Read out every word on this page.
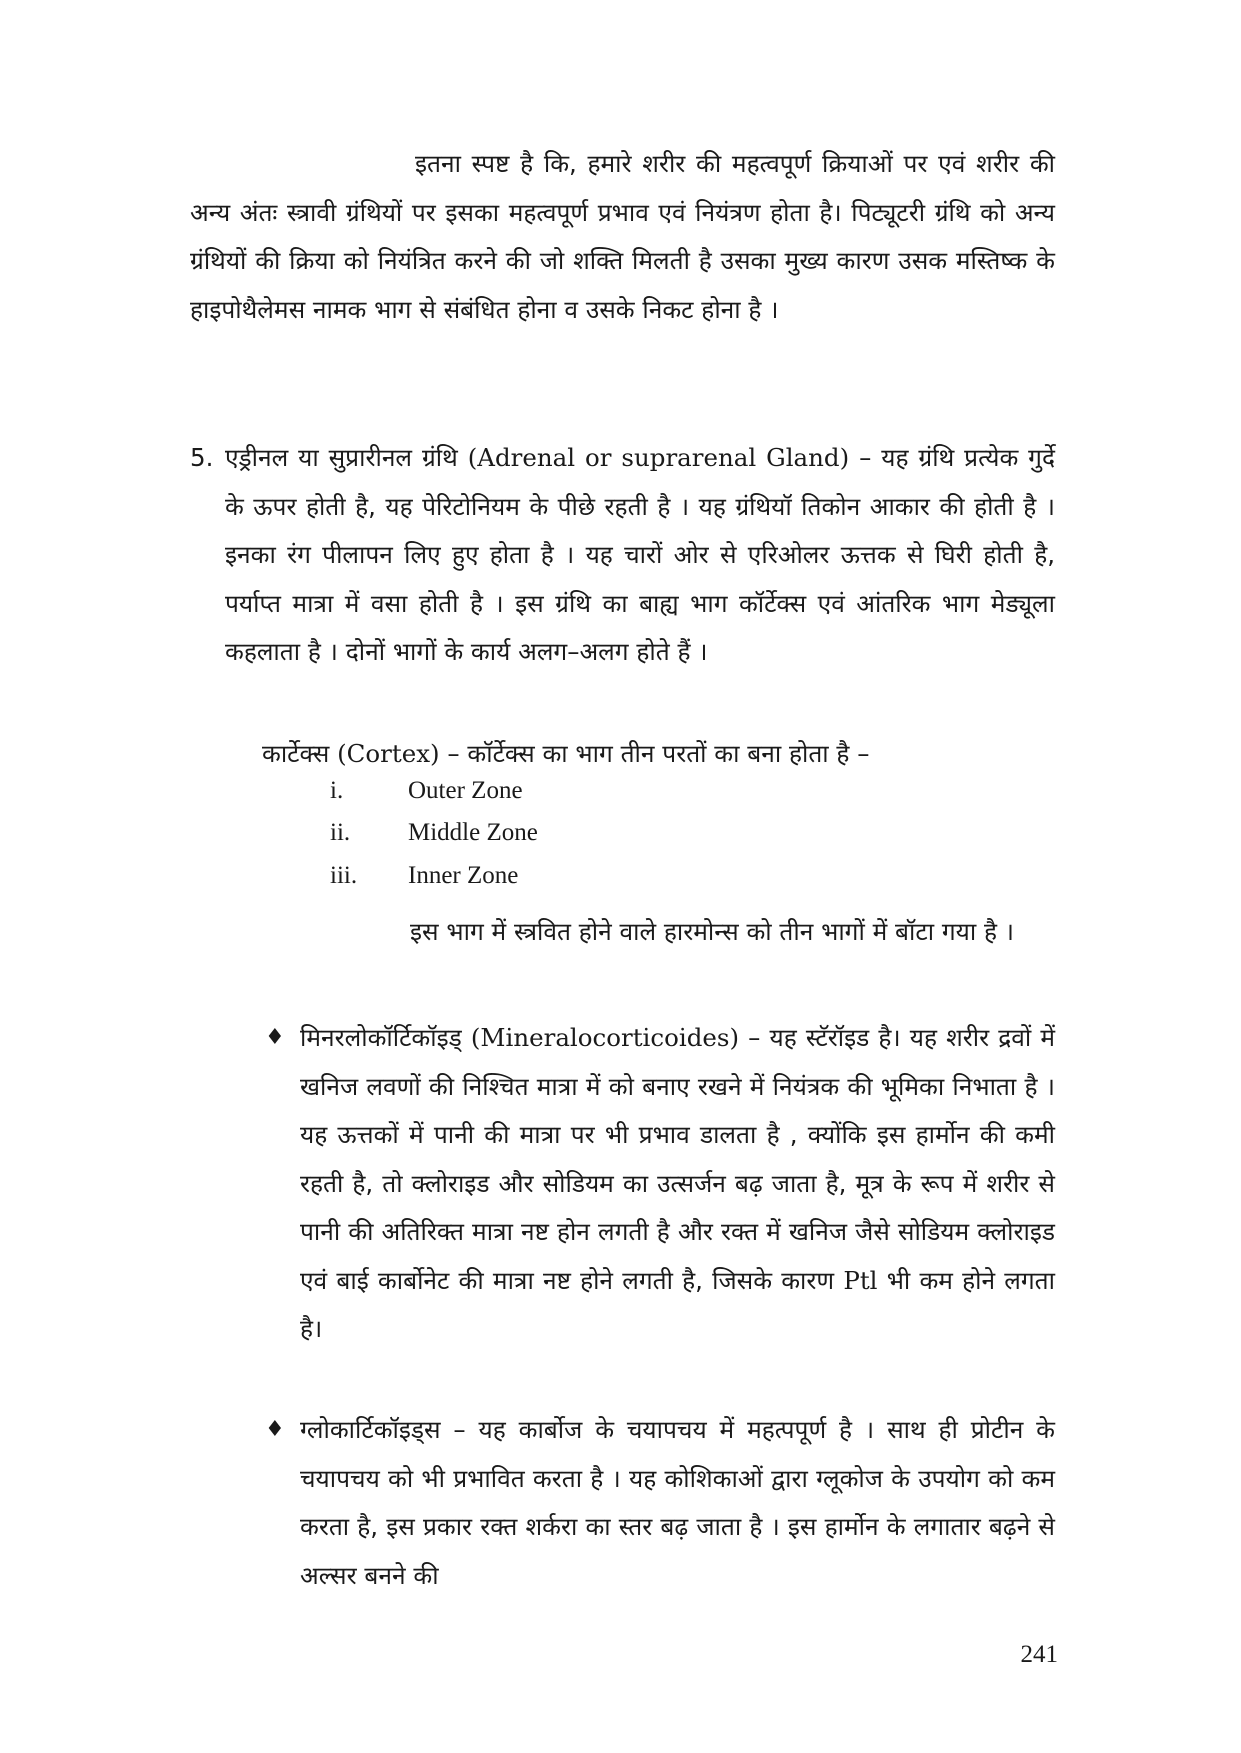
इतना स्पष्ट है कि, हमारे शरीर की महत्वपूर्ण क्रियाओं पर एवं शरीर की अन्य अंतः स्त्रावी ग्रंथियों पर इसका महत्वपूर्ण प्रभाव एवं नियंत्रण होता है। पिट्यूटरी ग्रंथि को अन्य ग्रंथियों की क्रिया को नियंत्रित करने की जो शक्ति मिलती है उसका मुख्य कारण उसक मस्तिष्क के हाइपोथैलेमस नामक भाग से संबंधित होना व उसके निकट होना है ।

5. एड्रीनल या सुप्रारीनल ग्रंथि (Adrenal or suprarenal Gland) – यह ग्रंथि प्रत्येक गुर्दे के ऊपर होती है, यह पेरिटोनियम के पीछे रहती है । यह ग्रंथियॉ तिकोन आकार की होती है । इनका रंग पीलापन लिए हुए होता है । यह चारों ओर से एरिओलर ऊत्तक से घिरी होती है, पर्याप्त मात्रा में वसा होती है । इस ग्रंथि का बाह्य भाग कॉर्टेक्स एवं आंतरिक भाग मेड्यूला कहलाता है । दोनों भागों के कार्य अलग–अलग होते हैं ।
कार्टेक्स (Cortex) – कॉर्टेक्स का भाग तीन परतों का बना होता है –
i.	Outer Zone
ii. Middle Zone
iii. Inner Zone

इस भाग में स्त्रवित होने वाले हारमोन्स को तीन भागों में बॉटा गया है ।

♦ मिनरलोकॉर्टिकॉइड् (Mineralocorticoides) – यह स्टॅरॉइड है। यह शरीर द्रवों में खनिज लवणों की निश्चित मात्रा में को बनाए रखने में नियंत्रक की भूमिका निभाता है । यह ऊत्तकों में पानी की मात्रा पर भी प्रभाव डालता है , क्योंकि इस हार्मोन की कमी रहती है, तो क्लोराइड और सोडियम का उत्सर्जन बढ़ जाता है, मूत्र के रूप में शरीर से पानी की अतिरिक्त मात्रा नष्ट होन लगती है और रक्त में खनिज जैसे सोडियम क्लोराइड एवं बाई कार्बोनेट की मात्रा नष्ट होने लगती है, जिसके कारण Ptl भी कम होने लगता है।
♦ ग्लोकार्टिकॉइड्स – यह कार्बोज के चयापचय में महत्पपूर्ण है । साथ ही प्रोटीन के चयापचय को भी प्रभावित करता है । यह कोशिकाओं द्वारा ग्लूकोज के उपयोग को कम करता है, इस प्रकार रक्त शर्करा का स्तर बढ़ जाता है । इस हार्मोन के लगातार बढ़ने से अल्सर बनने की
241
